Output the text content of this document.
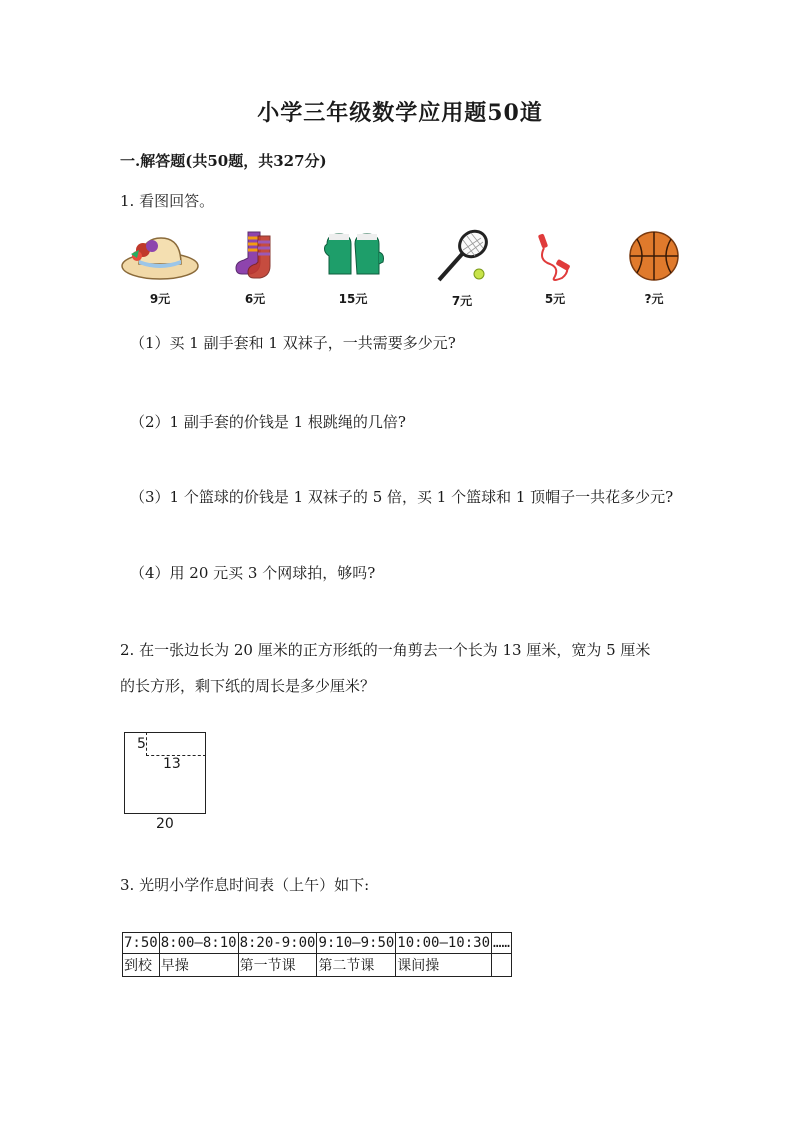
小学三年级数学应用题50道
一.解答题(共50题，共327分)
1. 看图回答。
9元	6元	15元	7元	5元	?元
（1）买 1 副手套和 1 双袜子，一共需要多少元?
（2）1 副手套的价钱是 1 根跳绳的几倍?
（3）1 个篮球的价钱是 1 双袜子的 5 倍，买 1 个篮球和 1 顶帽子一共花多少元?
（4）用 20 元买 3 个网球拍，够吗?
2. 在一张边长为 20 厘米的正方形纸的一角剪去一个长为 13 厘米，宽为 5 厘米
的长方形，剩下纸的周长是多少厘米？
5
13
20
3. 光明小学作息时间表（上午）如下:
7:50	8:00—8:10	8:20-9:00	9:10—9:50	10:00—10:30	……
到校	早操	第一节课	第二节课	课间操	
